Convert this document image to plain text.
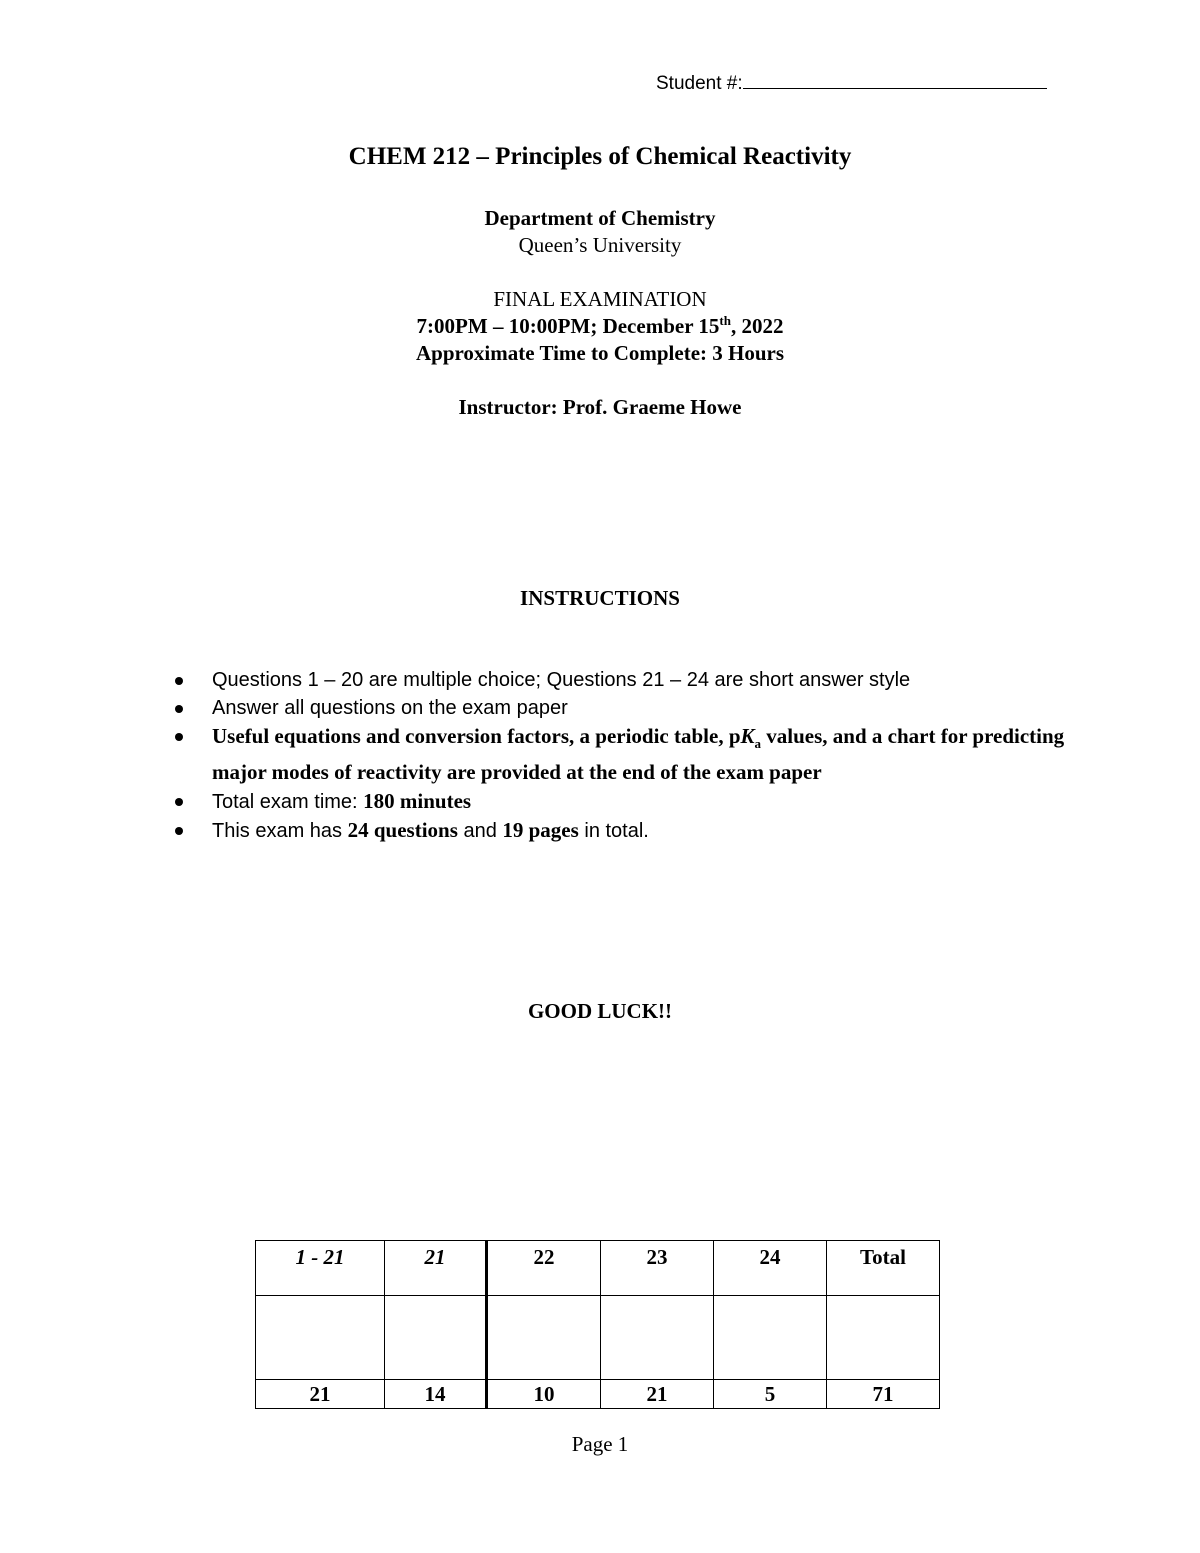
Student #:
CHEM 212 – Principles of Chemical Reactivity
Department of Chemistry
Queen’s University
FINAL EXAMINATION
7:00PM – 10:00PM; December 15th, 2022
Approximate Time to Complete: 3 Hours
Instructor: Prof. Graeme Howe
INSTRUCTIONS
Questions 1 – 20 are multiple choice; Questions 21 – 24 are short answer style
Answer all questions on the exam paper
Useful equations and conversion factors, a periodic table, $pK_a$ values, and a chart for predicting major modes of reactivity are provided at the end of the exam paper
Total exam time: 180 minutes
This exam has 24 questions and 19 pages in total.
GOOD LUCK!!
1 - 21	21	22	23	24	Total

21	14	10	21	5	71
Page 1
